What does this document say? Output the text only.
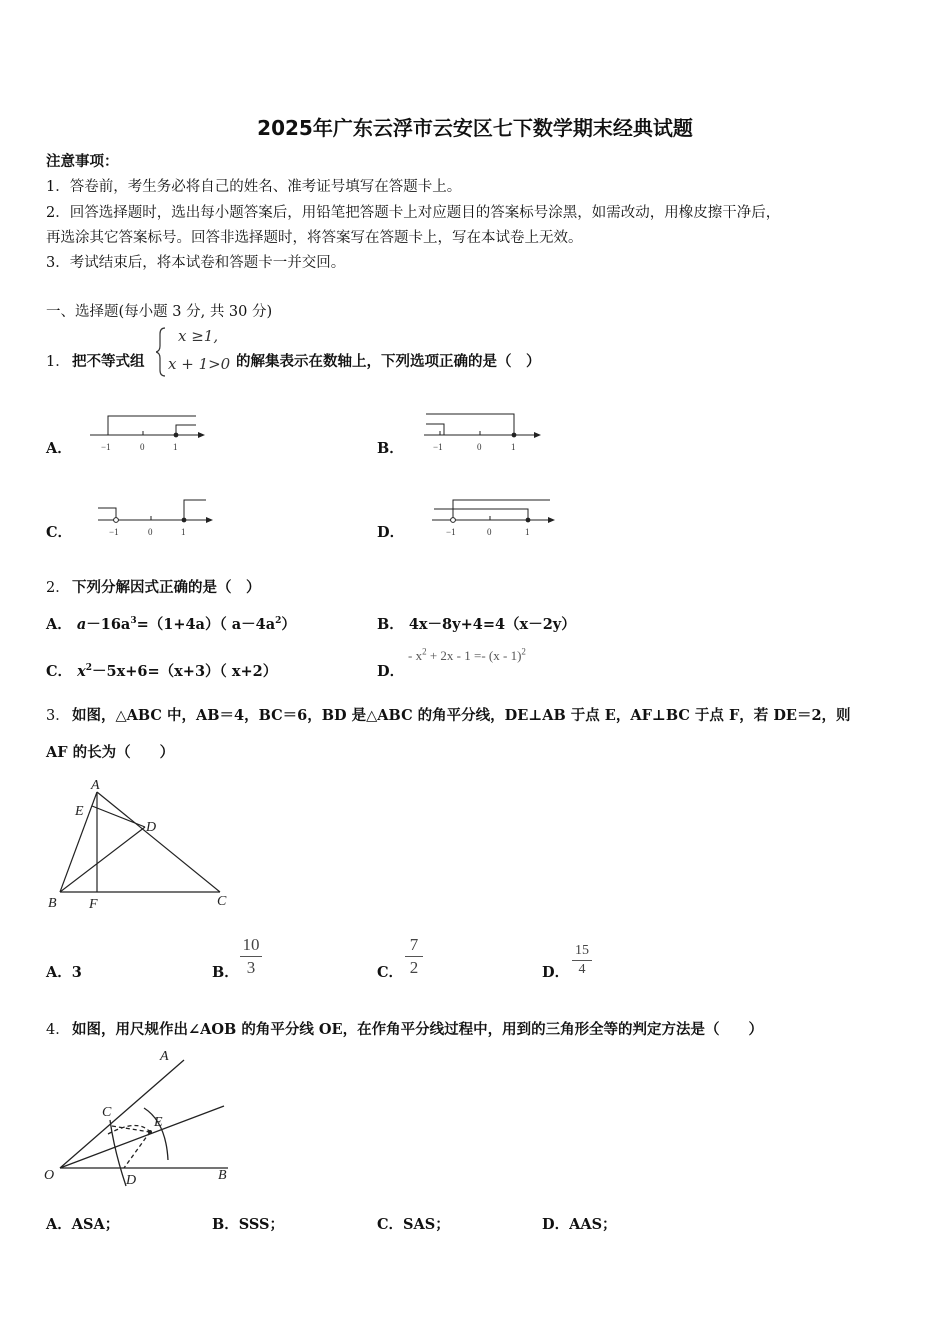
2025年广东云浮市云安区七下数学期末经典试题
注意事项：
1．答卷前，考生务必将自己的姓名、准考证号填写在答题卡上。
2．回答选择题时，选出每小题答案后，用铅笔把答题卡上对应题目的答案标号涂黑，如需改动，用橡皮擦干净后，
再选涂其它答案标号。回答非选择题时，将答案写在答题卡上，写在本试卷上无效。
3．考试结束后，将本试卷和答题卡一并交回。
一、选择题(每小题 3 分, 共 30 分)
1． 把不等式组
x ≥1,
x + 1>0 的解集表示在数轴上，下列选项正确的是（　）
A．	−1	0	1	B．	−1	0	1
C．	−1	0	1	D．	−1	0	1
2． 下列分解因式正确的是（　）
A． $a-16a^3=(1+4a)$（ $a-4a^2$）	B． 4x－8y+4=4（x－2y）
C． $x^2-5x+6=(x+3)$（ x+2）	D．
- $x^2 + 2x - 1 =- (x - 1)^2$
3． 如图，△ABC 中，AB＝4，BC＝6，BD 是△ABC 的角平分线，DE⊥AB 于点 E，AF⊥BC 于点 F，若 DE＝2，则
AF 的长为（　　）
A
E
D
B F	C
A．3	B．
10
3	C．
7
2	D．
15
4
4． 如图，用尺规作出∠AOB 的角平分线 OE，在作角平分线过程中，用到的三角形全等的判定方法是（　　）
A
C
E
O	D	B
A．ASA；	B．SSS；	C．SAS；	D．AAS；
